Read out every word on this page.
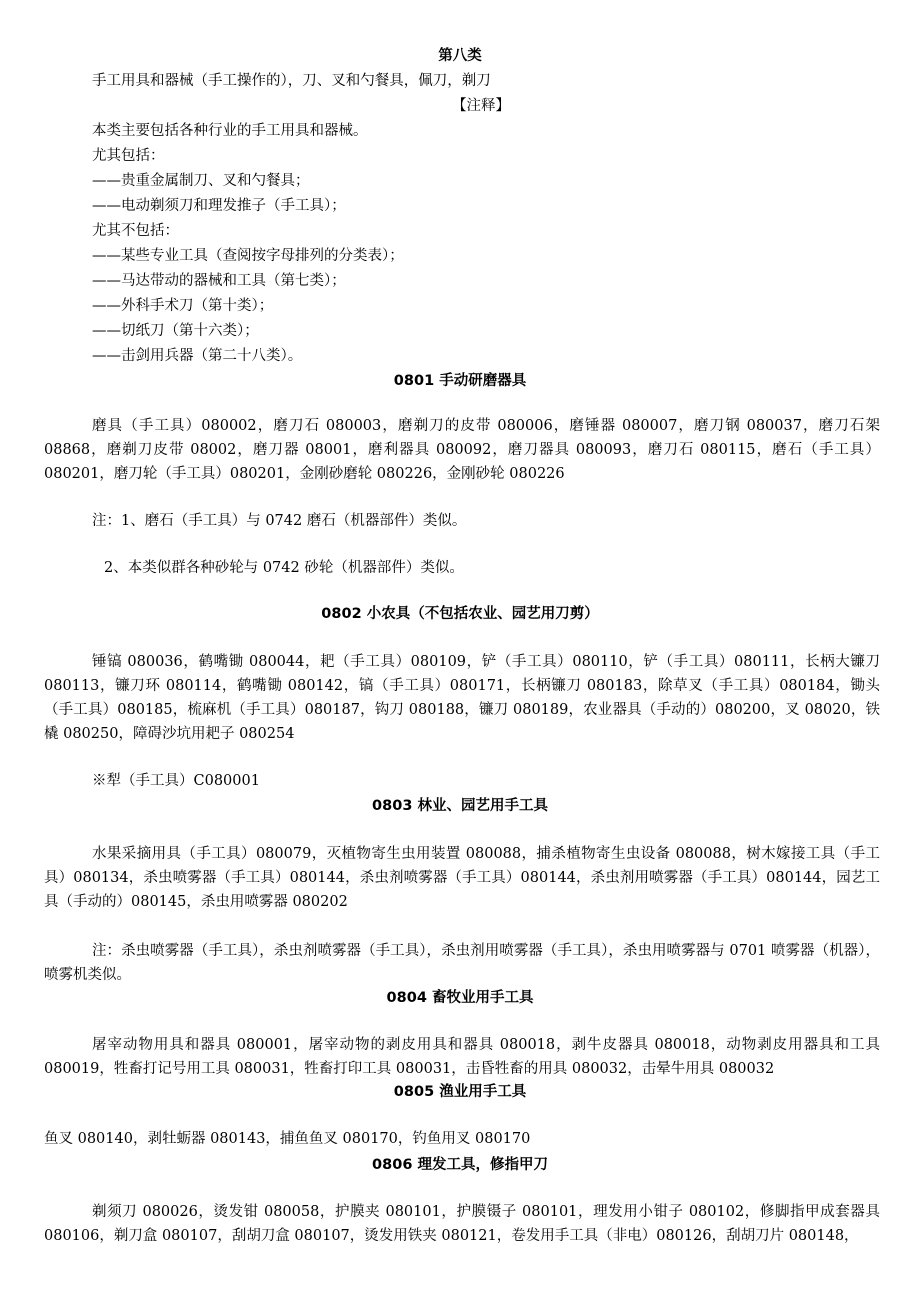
第八类
手工用具和器械（手工操作的），刀、叉和勺餐具，佩刀，剃刀
【注释】
本类主要包括各种行业的手工用具和器械。
尤其包括：
——贵重金属制刀、叉和勺餐具；
——电动剃须刀和理发推子（手工具）；
尤其不包括：
——某些专业工具（查阅按字母排列的分类表）；
——马达带动的器械和工具（第七类）；
——外科手术刀（第十类）；
——切纸刀（第十六类）；
——击剑用兵器（第二十八类）。
0801 手动研磨器具
磨具（手工具）080002，磨刀石 080003，磨剃刀的皮带 080006，磨锤器 080007，磨刀钢 080037，磨刀石架 08868，磨剃刀皮带 08002，磨刀器 08001，磨利器具 080092，磨刀器具 080093，磨刀石 080115，磨石（手工具）080201，磨刀轮（手工具）080201，金刚砂磨轮 080226，金刚砂轮 080226
注：1、磨石（手工具）与 0742 磨石（机器部件）类似。
2、本类似群各种砂轮与 0742 砂轮（机器部件）类似。
0802 小农具（不包括农业、园艺用刀剪）
锤镐 080036，鹤嘴锄 080044，耙（手工具）080109，铲（手工具）080110，铲（手工具）080111，长柄大镰刀 080113，镰刀环 080114，鹤嘴锄 080142，镐（手工具）080171，长柄镰刀 080183，除草叉（手工具）080184，锄头（手工具）080185，梳麻机（手工具）080187，钩刀 080188，镰刀 080189，农业器具（手动的）080200，叉 08020，铁橇 080250，障碍沙坑用耙子 080254
※犁（手工具）C080001
0803 林业、园艺用手工具
水果采摘用具（手工具）080079，灭植物寄生虫用装置 080088，捕杀植物寄生虫设备 080088，树木嫁接工具（手工具）080134，杀虫喷雾器（手工具）080144，杀虫剂喷雾器（手工具）080144，杀虫剂用喷雾器（手工具）080144，园艺工具（手动的）080145，杀虫用喷雾器 080202
注：杀虫喷雾器（手工具），杀虫剂喷雾器（手工具），杀虫剂用喷雾器（手工具），杀虫用喷雾器与 0701 喷雾器（机器），喷雾机类似。
0804 畜牧业用手工具
屠宰动物用具和器具 080001，屠宰动物的剥皮用具和器具 080018，剥牛皮器具 080018，动物剥皮用器具和工具 080019，牲畜打记号用工具 080031，牲畜打印工具 080031，击昏牲畜的用具 080032，击晕牛用具 080032
0805 渔业用手工具
鱼叉 080140，剥牡蛎器 080143，捕鱼鱼叉 080170，钓鱼用叉 080170
0806 理发工具，修指甲刀
剃须刀 080026，烫发钳 080058，护膜夹 080101，护膜镊子 080101，理发用小钳子 080102，修脚指甲成套器具 080106，剃刀盒 080107，刮胡刀盒 080107，烫发用铁夹 080121，卷发用手工具（非电）080126，刮胡刀片 080148，
